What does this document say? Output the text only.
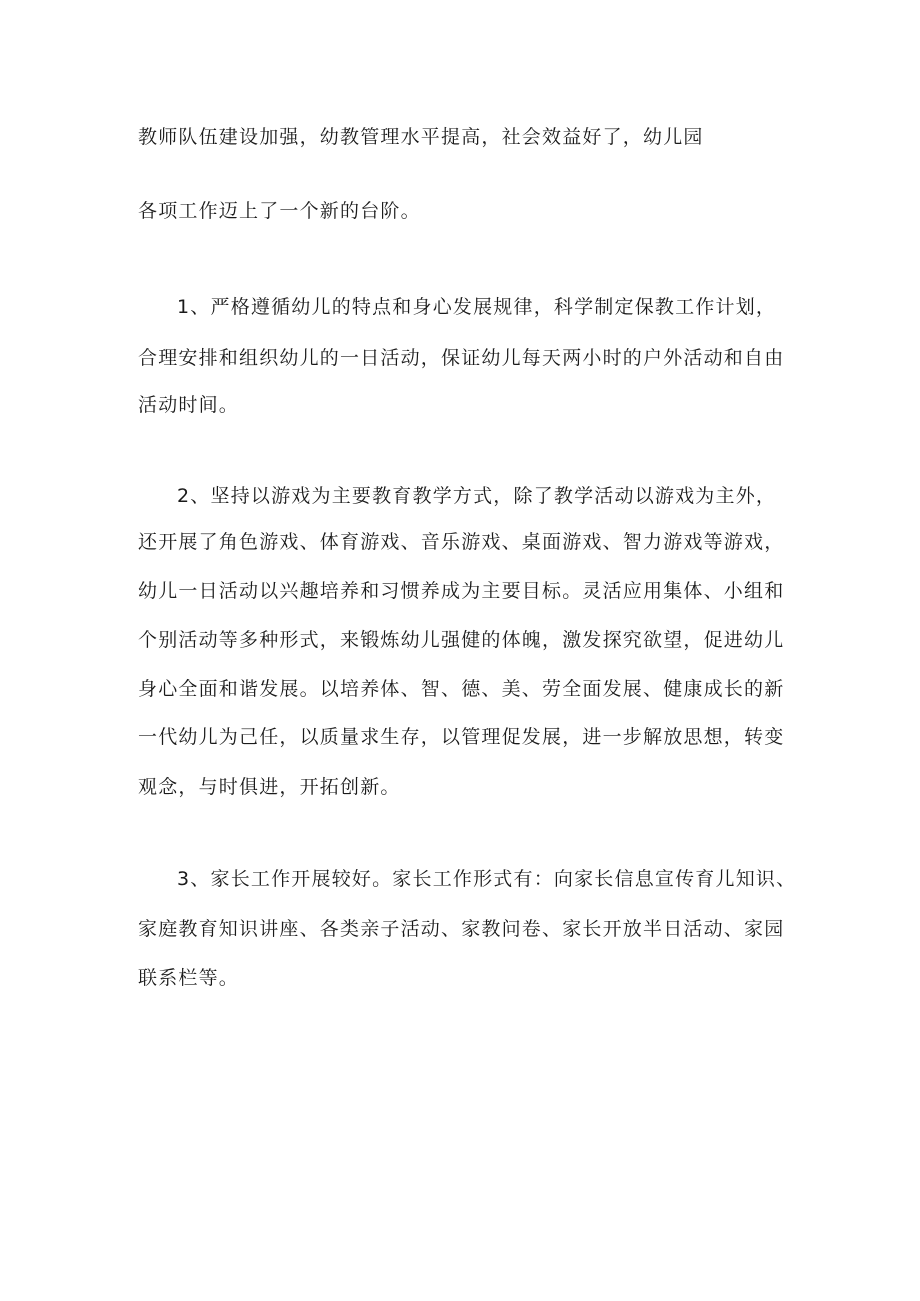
教师队伍建设加强，幼教管理水平提高，社会效益好了，幼儿园
各项工作迈上了一个新的台阶。
1、严格遵循幼儿的特点和身心发展规律，科学制定保教工作计划，
合理安排和组织幼儿的一日活动，保证幼儿每天两小时的户外活动和自由
活动时间。
2、坚持以游戏为主要教育教学方式，除了教学活动以游戏为主外，
还开展了角色游戏、体育游戏、音乐游戏、桌面游戏、智力游戏等游戏，
幼儿一日活动以兴趣培养和习惯养成为主要目标。灵活应用集体、小组和
个别活动等多种形式，来锻炼幼儿强健的体魄，激发探究欲望，促进幼儿
身心全面和谐发展。以培养体、智、德、美、劳全面发展、健康成长的新
一代幼儿为己任，以质量求生存，以管理促发展，进一步解放思想，转变
观念，与时俱进，开拓创新。
3、家长工作开展较好。家长工作形式有：向家长信息宣传育儿知识、
家庭教育知识讲座、各类亲子活动、家教问卷、家长开放半日活动、家园
联系栏等。
